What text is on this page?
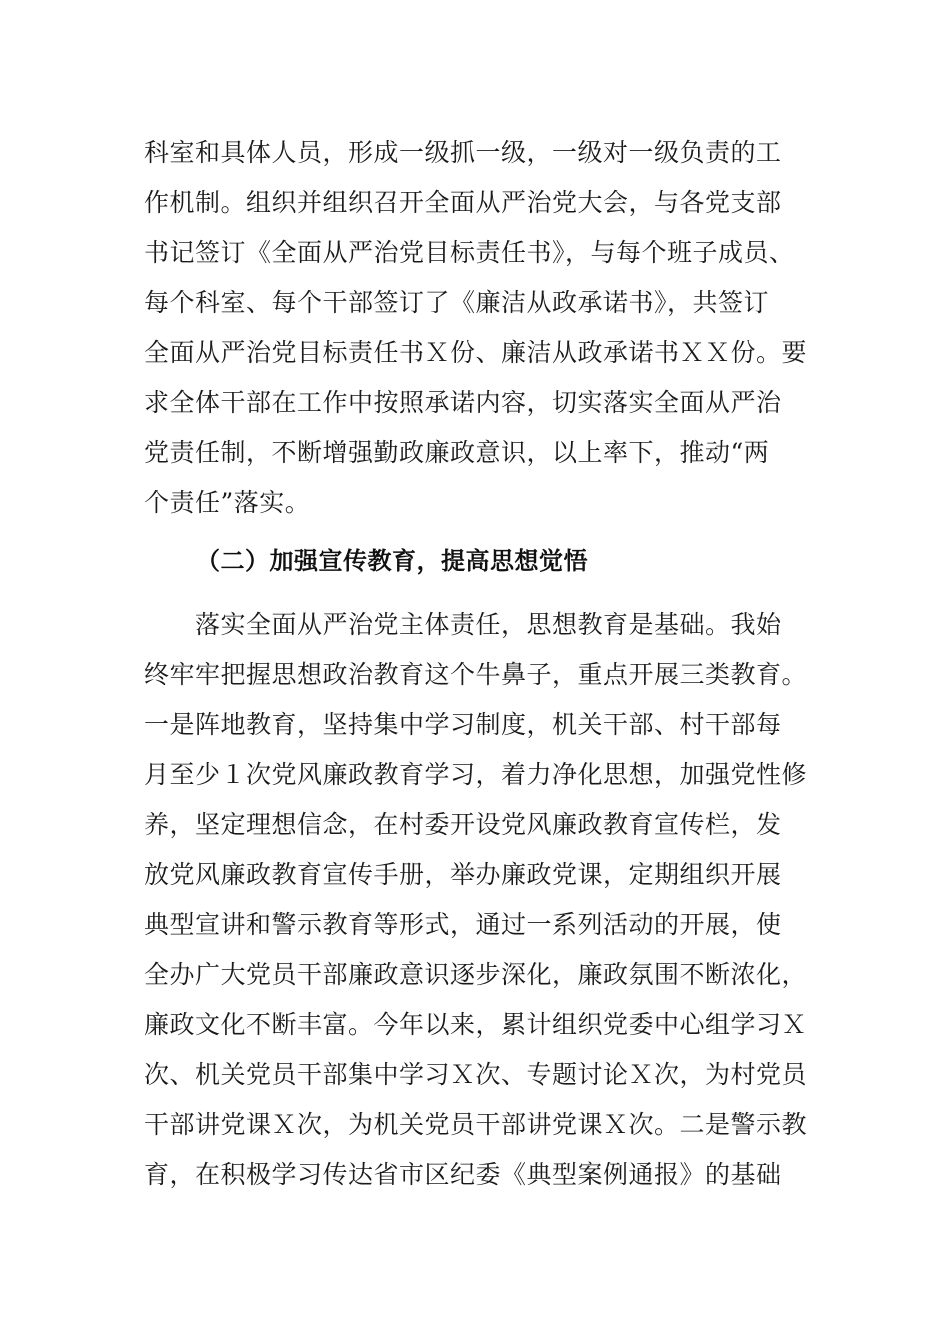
科室和具体人员，形成一级抓一级，一级对一级负责的工
作机制。组织并组织召开全面从严治党大会，与各党支部
书记签订《全面从严治党目标责任书》，与每个班子成员、
每个科室、每个干部签订了《廉洁从政承诺书》，共签订
全面从严治党目标责任书Ｘ份、廉洁从政承诺书ＸＸ份。要
求全体干部在工作中按照承诺内容，切实落实全面从严治
党责任制，不断增强勤政廉政意识，以上率下，推动“两
个责任”落实。
（二）加强宣传教育，提高思想觉悟
　　落实全面从严治党主体责任，思想教育是基础。我始
终牢牢把握思想政治教育这个牛鼻子，重点开展三类教育。
一是阵地教育，坚持集中学习制度，机关干部、村干部每
月至少１次党风廉政教育学习，着力净化思想，加强党性修
养，坚定理想信念，在村委开设党风廉政教育宣传栏，发
放党风廉政教育宣传手册，举办廉政党课，定期组织开展
典型宣讲和警示教育等形式，通过一系列活动的开展，使
全办广大党员干部廉政意识逐步深化，廉政氛围不断浓化，
廉政文化不断丰富。今年以来，累计组织党委中心组学习Ｘ
次、机关党员干部集中学习Ｘ次、专题讨论Ｘ次，为村党员
干部讲党课Ｘ次，为机关党员干部讲党课Ｘ次。二是警示教
育，在积极学习传达省市区纪委《典型案例通报》的基础
